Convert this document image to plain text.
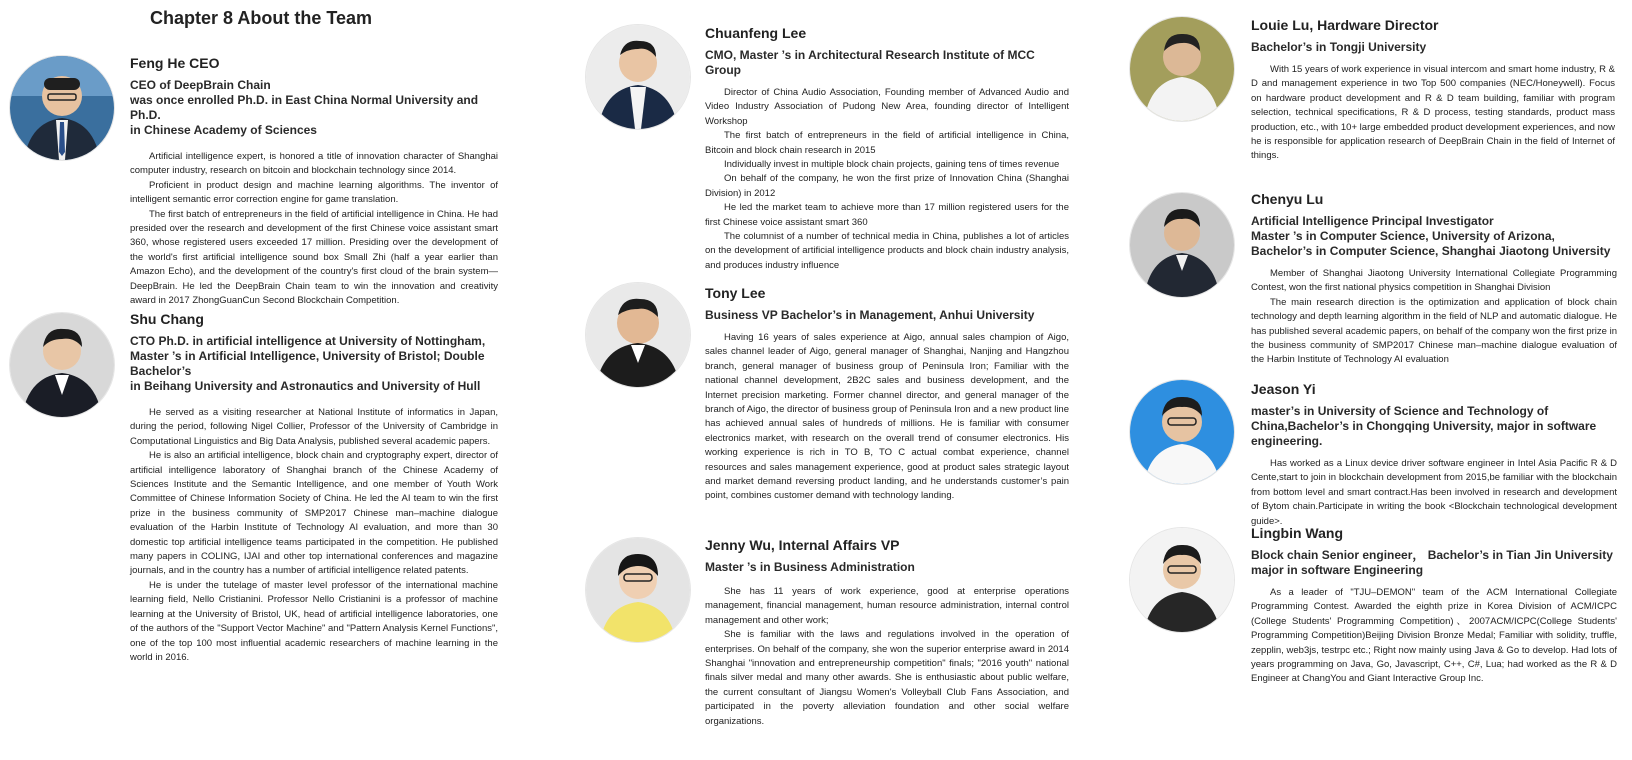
Chapter 8 About the Team
Feng He CEO
CEO of DeepBrain Chain
was once enrolled Ph.D. in East China Normal University and Ph.D.
in Chinese Academy of Sciences

Artificial intelligence expert, is honored a title of innovation character of Shanghai computer industry, research on bitcoin and blockchain technology since 2014.

Proficient in product design and machine learning algorithms. The inventor of intelligent semantic error correction engine for game translation.

The first batch of entrepreneurs in the field of artificial intelligence in China. He had presided over the research and development of the first Chinese voice assistant smart 360, whose registered users exceeded 17 million. Presiding over the development of the world's first artificial intelligence sound box Small Zhi (half a year earlier than Amazon Echo), and the development of the country's first cloud of the brain system—DeepBrain. He led the DeepBrain Chain team to win the innovation and creativity award in 2017 ZhongGuanCun Second Blockchain Competition.

Shu Chang
CTO Ph.D. in artificial intelligence at University of Nottingham,
Master ’s in Artificial Intelligence, University of Bristol; Double Bachelor’s
in Beihang University and Astronautics and University of Hull

He served as a visiting researcher at National Institute of informatics in Japan, during the period, following Nigel Collier, Professor of the University of Cambridge in Computational Linguistics and Big Data Analysis, published several academic papers.

He is also an artificial intelligence, block chain and cryptography expert, director of artificial intelligence laboratory of Shanghai branch of the Chinese Academy of Sciences Institute and the Semantic Intelligence, and one member of Youth Work Committee of Chinese Information Society of China. He led the AI team to win the first prize in the business community of SMP2017 Chinese man–machine dialogue evaluation of the Harbin Institute of Technology AI evaluation, and more than 30 domestic top artificial intelligence teams participated in the competition. He published many papers in COLING, IJAI and other top international conferences and magazine journals, and in the country has a number of artificial intelligence related patents.

He is under the tutelage of master level professor of the international machine learning field, Nello Cristianini. Professor Nello Cristianini is a professor of machine learning at the University of Bristol, UK, head of artificial intelligence laboratories, one of the authors of the "Support Vector Machine" and "Pattern Analysis Kernel Functions", one of the top 100 most influential academic researchers of machine learning in the world in 2016.

Chuanfeng Lee
CMO, Master ’s in Architectural Research Institute of MCC Group

Director of China Audio Association, Founding member of Advanced Audio and Video Industry Association of Pudong New Area, founding director of Intelligent Workshop

The first batch of entrepreneurs in the field of artificial intelligence in China, Bitcoin and block chain research in 2015

Individually invest in multiple block chain projects, gaining tens of times revenue

On behalf of the company, he won the first prize of Innovation China (Shanghai Division) in 2012

He led the market team to achieve more than 17 million registered users for the first Chinese voice assistant smart 360

The columnist of a number of technical media in China, publishes a lot of articles on the development of artificial intelligence products and block chain industry analysis, and produces industry influence

Tony Lee
Business VP Bachelor’s in Management, Anhui University

Having 16 years of sales experience at Aigo, annual sales champion of Aigo, sales channel leader of Aigo, general manager of Shanghai, Nanjing and Hangzhou branch, general manager of business group of Peninsula Iron; Familiar with the national channel development, 2B2C sales and business development, and the Internet precision marketing. Former channel director, and general manager of the branch of Aigo, the director of business group of Peninsula Iron and a new product line has achieved annual sales of hundreds of millions. He is familiar with consumer electronics market, with research on the overall trend of consumer electronics. His working experience is rich in TO B, TO C actual combat experience, channel resources and sales management experience, good at product sales strategic layout and market demand reversing product landing, and he understands customer’s pain point, combines customer demand with technology landing.

Jenny Wu, Internal Affairs VP
Master ’s in Business Administration

She has 11 years of work experience, good at enterprise operations management, financial management, human resource administration, internal control management and other work;

She is familiar with the laws and regulations involved in the operation of enterprises. On behalf of the company, she won the superior enterprise award in 2014 Shanghai "innovation and entrepreneurship competition" finals; "2016 youth" national finals silver medal and many other awards. She is enthusiastic about public welfare, the current consultant of Jiangsu Women's Volleyball Club Fans Association, and participated in the poverty alleviation foundation and other social welfare organizations.

Louie Lu, Hardware Director
Bachelor’s in Tongji University

With 15 years of work experience in visual intercom and smart home industry, R & D and management experience in two Top 500 companies (NEC/Honeywell). Focus on hardware product development and R & D team building, familiar with program selection, technical specifications, R & D process, testing standards, product mass production, etc., with 10+ large embedded product development experiences, and now he is responsible for application research of DeepBrain Chain in the field of Internet of things.

Chenyu Lu
Artificial Intelligence Principal Investigator
Master ’s in Computer Science, University of Arizona,
Bachelor’s in Computer Science, Shanghai Jiaotong University

Member of Shanghai Jiaotong University International Collegiate Programming Contest, won the first national physics competition in Shanghai Division

The main research direction is the optimization and application of block chain technology and depth learning algorithm in the field of NLP and automatic dialogue. He has published several academic papers, on behalf of the company won the first prize in the business community of SMP2017 Chinese man–machine dialogue evaluation of the Harbin Institute of Technology AI evaluation

Jeason Yi
master’s in University of Science and Technology of China,Bachelor’s in Chongqing University, major in software engineering.

Has worked as a Linux device driver software engineer in Intel Asia Pacific R & D Cente,start to join in blockchain development from 2015,be familiar with the blockchain from bottom level and smart contract.Has been involved in research and development of Bytom chain.Participate in writing the book <Blockchain technological development guide>.

Lingbin Wang
Block chain Senior engineer， Bachelor’s in Tian Jin University
major in software Engineering

As a leader of "TJU–DEMON" team of the ACM International Collegiate Programming Contest. Awarded the eighth prize in Korea Division of ACM/ICPC (College Students' Programming Competition)、2007ACM/ICPC(College Students' Programming Competition)Beijing Division Bronze Medal; Familiar with solidity, truffle, zepplin, web3js, testrpc etc.; Right now mainly using Java & Go to develop. Had lots of years programming on Java, Go, Javascript, C++, C#, Lua; had worked as the R & D Engineer at ChangYou and Giant Interactive Group Inc.
